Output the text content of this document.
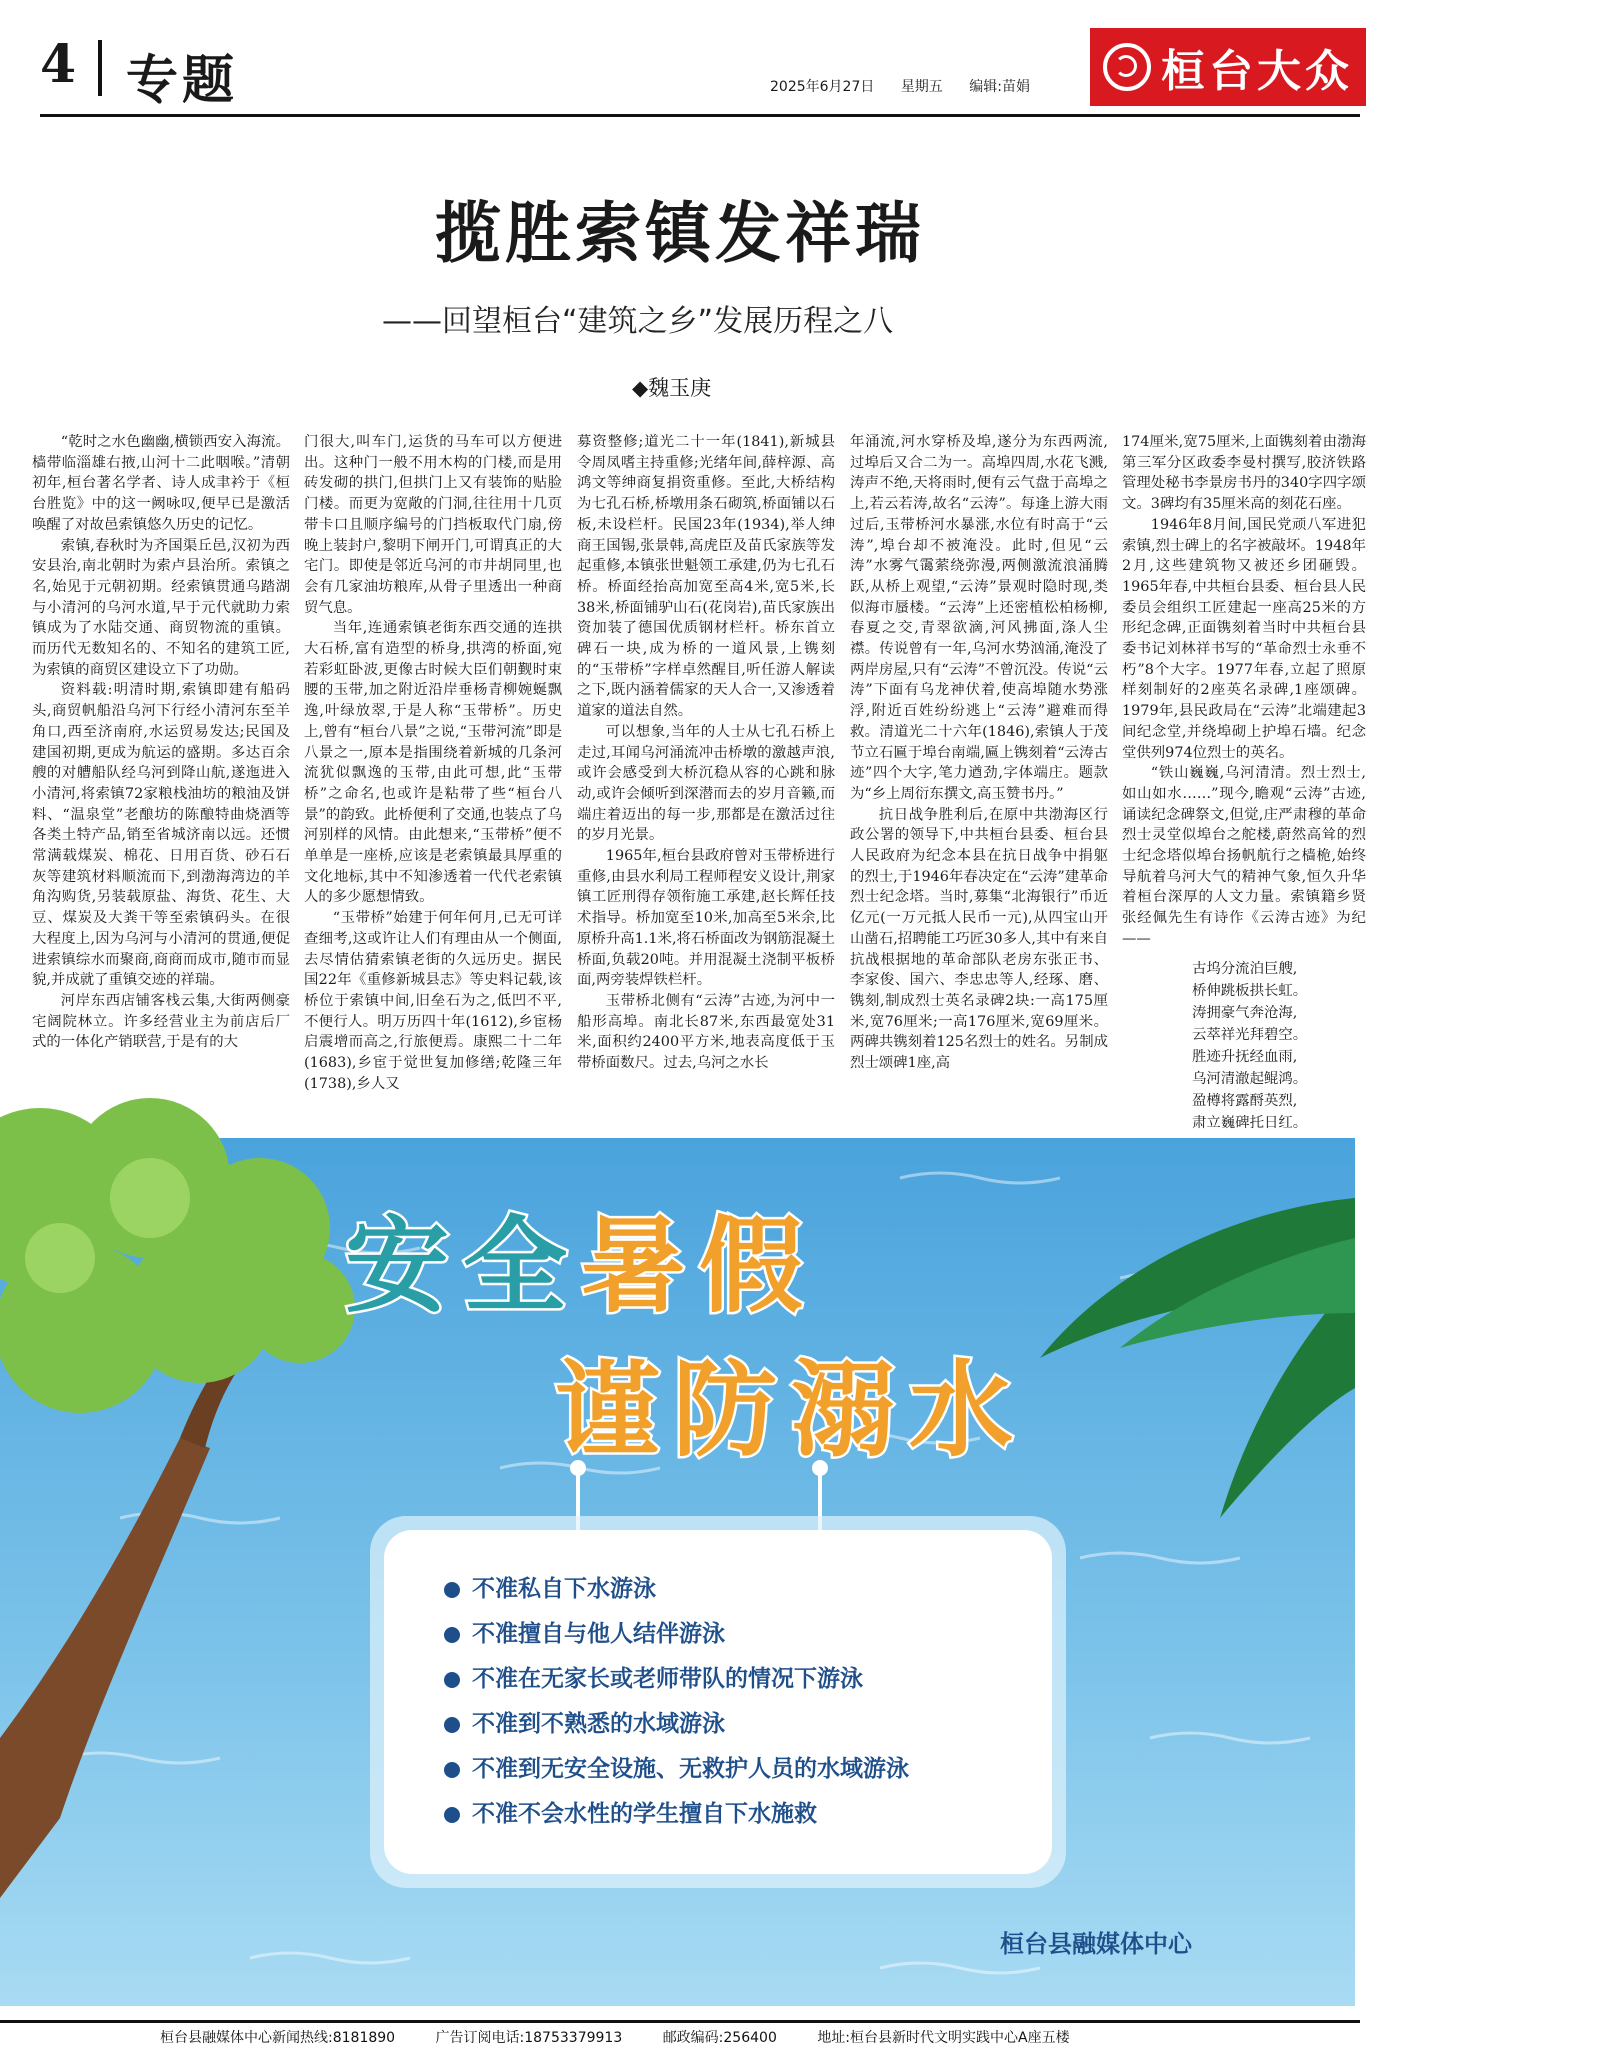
4 专题	2025年6月27日 星期五 编辑:苗娟	桓台大众
揽胜索镇发祥瑞
——回望桓台“建筑之乡”发展历程之八
◆魏玉庚

“乾时之水色幽幽,横锁西安入海流。樯带临淄雄右掖,山河十二此咽喉。”清朝初年,桓台著名学者、诗人成聿衿于《桓台胜览》中的这一阙咏叹,便早已是激活唤醒了对故邑索镇悠久历史的记忆。

索镇,春秋时为齐国渠丘邑,汉初为西安县治,南北朝时为索卢县治所。索镇之名,始见于元朝初期。经索镇贯通乌踏湖与小清河的乌河水道,早于元代就助力索镇成为了水陆交通、商贸物流的重镇。而历代无数知名的、不知名的建筑工匠,为索镇的商贸区建设立下了功勋。

资料载:明清时期,索镇即建有船码头,商贸帆船沿乌河下行经小清河东至羊角口,西至济南府,水运贸易发达;民国及建国初期,更成为航运的盛期。多达百余艘的对艚船队经乌河到降山航,遂迤进入小清河,将索镇72家粮栈油坊的粮油及饼料、“温泉堂”老酿坊的陈酿特曲烧酒等各类土特产品,销至省城济南以远。还惯常满载煤炭、棉花、日用百货、砂石石灰等建筑材料顺流而下,到渤海湾边的羊角沟购货,另装载原盐、海货、花生、大豆、煤炭及大粪干等至索镇码头。在很大程度上,因为乌河与小清河的贯通,便促进索镇综水而聚商,商商而成市,随市而显貌,并成就了重镇交迹的祥瑞。

河岸东西店铺客栈云集,大街两侧豪宅阔院林立。许多经营业主为前店后厂式的一体化产销联营,于是有的大

门很大,叫车门,运货的马车可以方便进出。这种门一般不用木构的门楼,而是用砖发砌的拱门,但拱门上又有装饰的贴脸门楼。而更为宽敞的门洞,往往用十几页带卡口且顺序编号的门挡板取代门扇,傍晚上装封户,黎明下闸开门,可谓真正的大宅门。即使是邻近乌河的市井胡同里,也会有几家油坊粮库,从骨子里透出一种商贸气息。

当年,连通索镇老街东西交通的连拱大石桥,富有造型的桥身,拱湾的桥面,宛若彩虹卧波,更像古时候大臣们朝觐时束腰的玉带,加之附近沿岸垂杨青柳婉蜒飘逸,叶绿放翠,于是人称“玉带桥”。历史上,曾有“桓台八景”之说,“玉带河流”即是八景之一,原本是指围绕着新城的几条河流犹似飘逸的玉带,由此可想,此“玉带桥”之命名,也或许是粘带了些“桓台八景”的韵致。此桥便利了交通,也装点了乌河别样的风情。由此想来,“玉带桥”便不单单是一座桥,应该是老索镇最具厚重的文化地标,其中不知渗透着一代代老索镇人的多少愿想情致。

“玉带桥”始建于何年何月,已无可详查细考,这或许让人们有理由从一个侧面,去尽情估猜索镇老街的久远历史。据民国22年《重修新城县志》等史料记载,该桥位于索镇中间,旧垒石为之,低凹不平,不便行人。明万历四十年(1612),乡宦杨启震增而高之,行旅便焉。康熙二十二年(1683),乡宦于觉世复加修缮;乾隆三年(1738),乡人又

募资整修;道光二十一年(1841),新城县令周凤嗜主持重修;光绪年间,薛梓源、高鸿文等绅商复捐资重修。至此,大桥结构为七孔石桥,桥墩用条石砌筑,桥面铺以石板,未设栏杆。民国23年(1934),举人绅商王国锡,张景韩,高虎臣及苗氏家族等发起重修,本镇张世魁领工承建,仍为七孔石桥。桥面经抬高加宽至高4米,宽5米,长38米,桥面铺驴山石(花岗岩),苗氏家族出资加装了德国优质钢材栏杆。桥东首立碑石一块,成为桥的一道风景,上镌刻的“玉带桥”字样卓然醒目,听任游人解读之下,既内涵着儒家的天人合一,又渗透着道家的道法自然。

可以想象,当年的人士从七孔石桥上走过,耳闻乌河涌流冲击桥墩的激越声浪,或许会感受到大桥沉稳从容的心跳和脉动,或许会倾听到深潜而去的岁月音籁,而端庄着迈出的每一步,那都是在激活过往的岁月光景。

1965年,桓台县政府曾对玉带桥进行重修,由县水利局工程师程安义设计,荆家镇工匠刑得存领衔施工承建,赵长辉任技术指导。桥加宽至10米,加高至5米余,比原桥升高1.1米,将石桥面改为钢筋混凝土桥面,负载20吨。并用混凝土浇制平板桥面,两旁装焊铁栏杆。

玉带桥北侧有“云涛”古迹,为河中一船形高埠。南北长87米,东西最宽处31米,面积约2400平方米,地表高度低于玉带桥面数尺。过去,乌河之水长

年涌流,河水穿桥及埠,遂分为东西两流,过埠后又合二为一。高埠四周,水花飞溅,涛声不绝,天将雨时,便有云气盘于高埠之上,若云若涛,故名“云涛”。每逢上游大雨过后,玉带桥河水暴涨,水位有时高于“云涛”,埠台却不被淹没。此时,但见“云涛”水雾气霭萦绕弥漫,两侧激流浪涌腾跃,从桥上观望,“云涛”景观时隐时现,类似海市蜃楼。“云涛”上还密植松柏杨柳,春夏之交,青翠欲滴,河风拂面,涤人尘襟。传说曾有一年,乌河水势汹涌,淹没了两岸房屋,只有“云涛”不曾沉没。传说“云涛”下面有乌龙神伏着,使高埠随水势涨浮,附近百姓纷纷逃上“云涛”避难而得救。清道光二十六年(1846),索镇人于茂节立石匾于埠台南端,匾上镌刻着“云涛古迹”四个大字,笔力遒劲,字体端庄。题款为“乡上周衍东撰文,高玉赞书丹。”

抗日战争胜利后,在原中共渤海区行政公署的领导下,中共桓台县委、桓台县人民政府为纪念本县在抗日战争中捐躯的烈士,于1946年春决定在“云涛”建革命烈士纪念塔。当时,募集“北海银行”币近亿元(一万元抵人民币一元),从四宝山开山凿石,招聘能工巧匠30多人,其中有来自抗战根据地的革命部队老房东张正书、李家俊、国六、李忠忠等人,经琢、磨、镌刻,制成烈士英名录碑2块:一高175厘米,宽76厘米;一高176厘米,宽69厘米。两碑共镌刻着125名烈士的姓名。另制成烈士颂碑1座,高

174厘米,宽75厘米,上面镌刻着由渤海第三军分区政委李曼村撰写,胶济铁路管理处秘书李景房书丹的340字四字颂文。3碑均有35厘米高的刻花石座。

1946年8月间,国民党顽八军进犯索镇,烈士碑上的名字被敲坏。1948年2月,这些建筑物又被还乡团砸毁。1965年春,中共桓台县委、桓台县人民委员会组织工匠建起一座高25米的方形纪念碑,正面镌刻着当时中共桓台县委书记刘林祥书写的“革命烈士永垂不朽”8个大字。1977年春,立起了照原样刻制好的2座英名录碑,1座颂碑。1979年,县民政局在“云涛”北端建起3间纪念堂,并绕埠砌上护埠石墙。纪念堂供列974位烈士的英名。

“铁山巍巍,乌河清清。烈士烈士,如山如水……”现今,瞻观“云涛”古迹,诵读纪念碑祭文,但觉,庄严肃穆的革命烈士灵堂似埠台之舵楼,蔚然高耸的烈士纪念塔似埠台扬帆航行之樯桅,始终导航着乌河大气的精神气象,恒久升华着桓台深厚的人文力量。索镇籍乡贤张经佩先生有诗作《云涛古迹》为纪——

古坞分流泊巨艘,
桥伸跳板拱长虹。
涛拥豪气奔沧海,
云萃祥光拜碧空。
胜迹升抚经血雨,
乌河清澈起鲲鸿。
盈樽将露酹英烈,
肃立巍碑托日红。
安全暑假
谨防溺水
不准私自下水游泳
不准擅自与他人结伴游泳
不准在无家长或老师带队的情况下游泳
不准到不熟悉的水域游泳
不准到无安全设施、无救护人员的水域游泳
不准不会水性的学生擅自下水施救
桓台县融媒体中心
桓台县融媒体中心新闻热线:8181890	广告订阅电话:18753379913	邮政编码:256400	地址:桓台县新时代文明实践中心A座五楼
